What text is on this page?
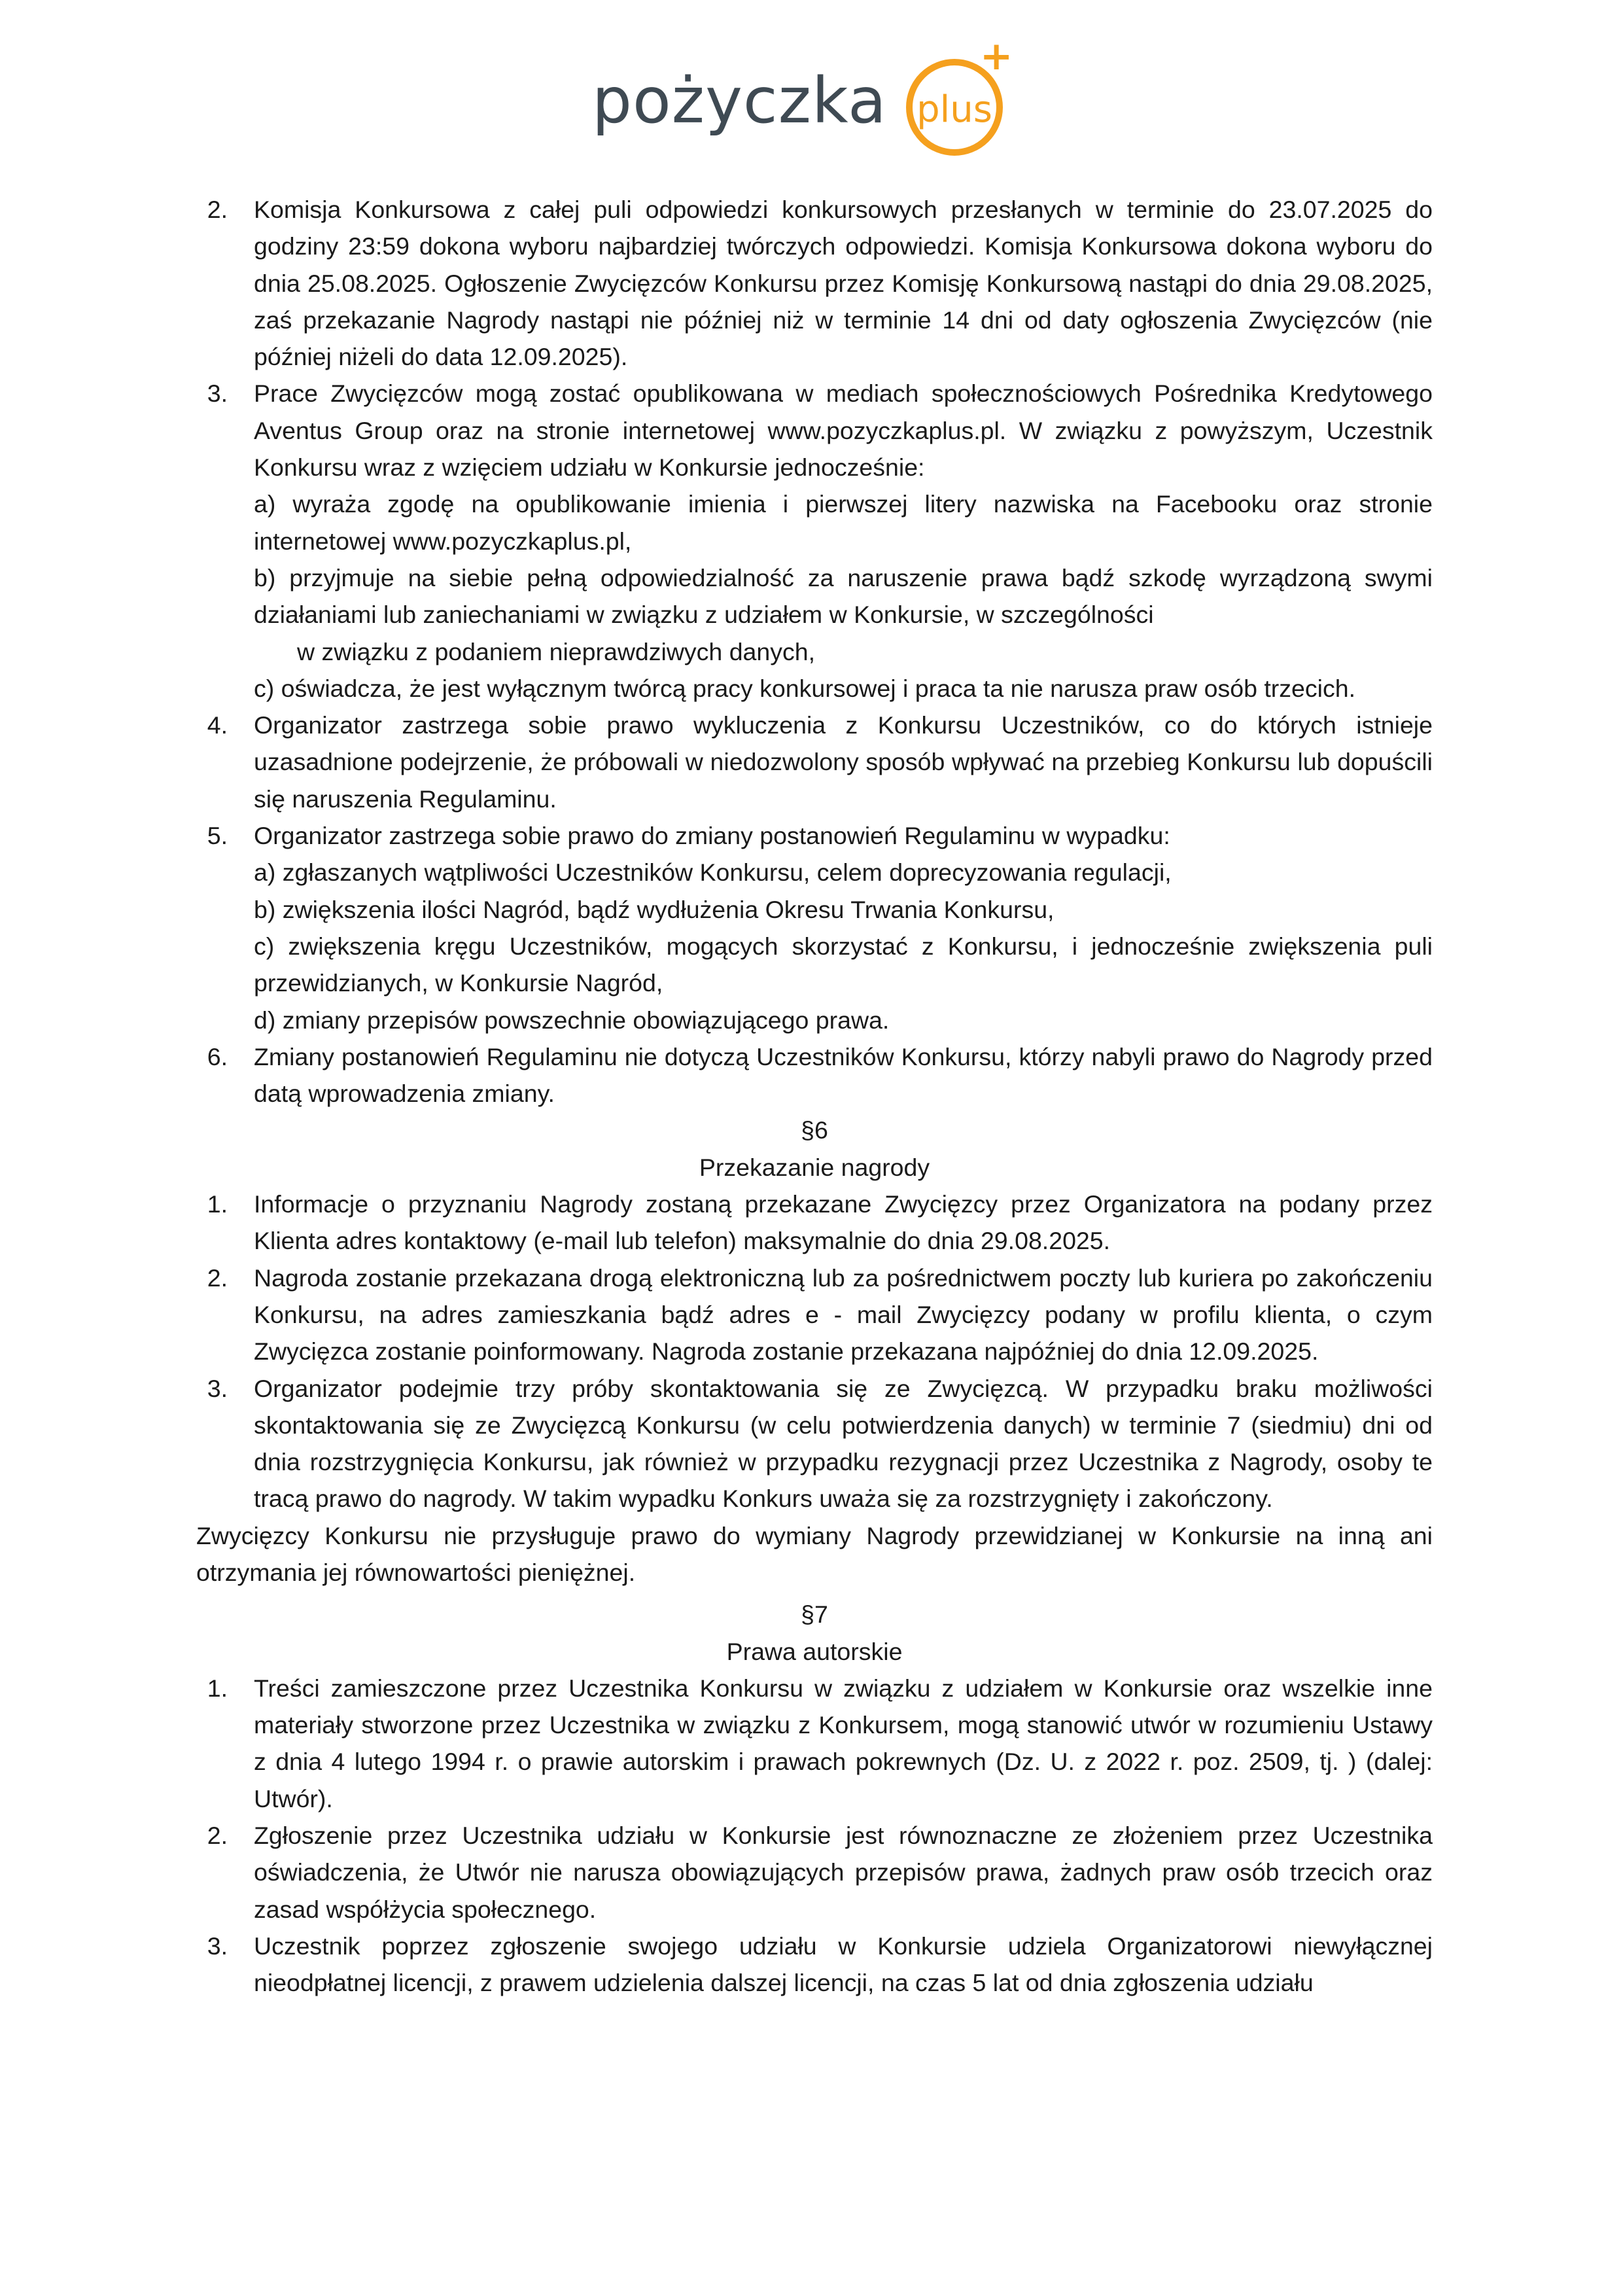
pożyczka plus
+
2. Komisja Konkursowa z całej puli odpowiedzi konkursowych przesłanych w terminie do 23.07.2025 do godziny 23:59 dokona wyboru najbardziej twórczych odpowiedzi. Komisja Konkursowa dokona wyboru do dnia 25.08.2025. Ogłoszenie Zwycięzców Konkursu przez Komisję Konkursową nastąpi do dnia 29.08.2025, zaś przekazanie Nagrody nastąpi nie później niż w terminie 14 dni od daty ogłoszenia Zwycięzców (nie później niżeli do data 12.09.2025).
3. Prace Zwycięzców mogą zostać opublikowana w mediach społecznościowych Pośrednika Kredytowego Aventus Group oraz na stronie internetowej www.pozyczkaplus.pl. W związku z powyższym, Uczestnik Konkursu wraz z wzięciem udziału w Konkursie jednocześnie:
a) wyraża zgodę na opublikowanie imienia i pierwszej litery nazwiska na Facebooku oraz stronie internetowej www.pozyczkaplus.pl,
b) przyjmuje na siebie pełną odpowiedzialność za naruszenie prawa bądź szkodę wyrządzoną swymi działaniami lub zaniechaniami w związku z udziałem w Konkursie, w szczególności
w związku z podaniem nieprawdziwych danych,
c) oświadcza, że jest wyłącznym twórcą pracy konkursowej i praca ta nie narusza praw osób trzecich.
4. Organizator zastrzega sobie prawo wykluczenia z Konkursu Uczestników, co do których istnieje uzasadnione podejrzenie, że próbowali w niedozwolony sposób wpływać na przebieg Konkursu lub dopuścili się naruszenia Regulaminu.
5. Organizator zastrzega sobie prawo do zmiany postanowień Regulaminu w wypadku:
a) zgłaszanych wątpliwości Uczestników Konkursu, celem doprecyzowania regulacji,
b) zwiększenia ilości Nagród, bądź wydłużenia Okresu Trwania Konkursu,
c) zwiększenia kręgu Uczestników, mogących skorzystać z Konkursu, i jednocześnie zwiększenia puli przewidzianych, w Konkursie Nagród,
d) zmiany przepisów powszechnie obowiązującego prawa.
6. Zmiany postanowień Regulaminu nie dotyczą Uczestników Konkursu, którzy nabyli prawo do Nagrody przed datą wprowadzenia zmiany.
§6
Przekazanie nagrody
1. Informacje o przyznaniu Nagrody zostaną przekazane Zwycięzcy przez Organizatora na podany przez Klienta adres kontaktowy (e-mail lub telefon) maksymalnie do dnia 29.08.2025.
2. Nagroda zostanie przekazana drogą elektroniczną lub za pośrednictwem poczty lub kuriera po zakończeniu Konkursu, na adres zamieszkania bądź adres e - mail Zwycięzcy podany w profilu klienta, o czym Zwycięzca zostanie poinformowany. Nagroda zostanie przekazana najpóźniej do dnia 12.09.2025.
3. Organizator podejmie trzy próby skontaktowania się ze Zwycięzcą. W przypadku braku możliwości skontaktowania się ze Zwycięzcą Konkursu (w celu potwierdzenia danych) w terminie 7 (siedmiu) dni od dnia rozstrzygnięcia Konkursu, jak również w przypadku rezygnacji przez Uczestnika z Nagrody, osoby te tracą prawo do nagrody. W takim wypadku Konkurs uważa się za rozstrzygnięty i zakończony.
Zwycięzcy Konkursu nie przysługuje prawo do wymiany Nagrody przewidzianej w Konkursie na inną ani otrzymania jej równowartości pieniężnej.
§7
Prawa autorskie
1. Treści zamieszczone przez Uczestnika Konkursu w związku z udziałem w Konkursie oraz wszelkie inne materiały stworzone przez Uczestnika w związku z Konkursem, mogą stanowić utwór w rozumieniu Ustawy z dnia 4 lutego 1994 r. o prawie autorskim i prawach pokrewnych (Dz. U. z 2022 r. poz. 2509, tj. ) (dalej: Utwór).
2. Zgłoszenie przez Uczestnika udziału w Konkursie jest równoznaczne ze złożeniem przez Uczestnika oświadczenia, że Utwór nie narusza obowiązujących przepisów prawa, żadnych praw osób trzecich oraz zasad współżycia społecznego.
3. Uczestnik poprzez zgłoszenie swojego udziału w Konkursie udziela Organizatorowi niewyłącznej nieodpłatnej licencji, z prawem udzielenia dalszej licencji, na czas 5 lat od dnia zgłoszenia udziału
